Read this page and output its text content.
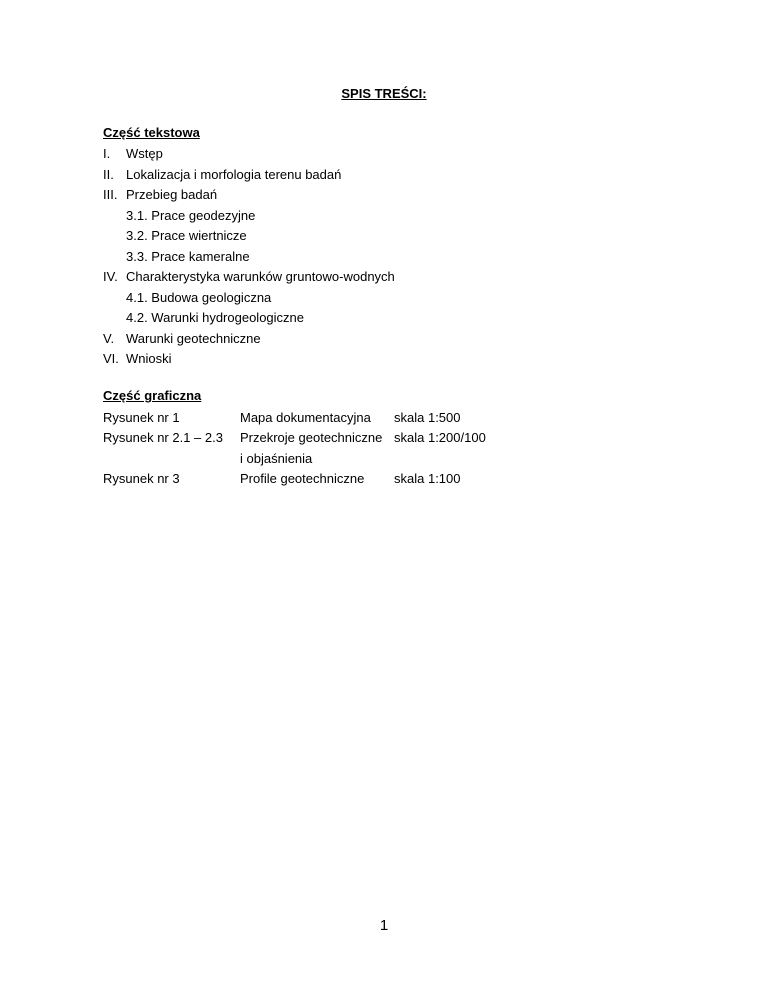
SPIS TREŚCI:
Część tekstowa
I. Wstęp
II. Lokalizacja i morfologia terenu badań
III. Przebieg badań
3.1. Prace geodezyjne
3.2. Prace wiertnicze
3.3. Prace kameralne
IV. Charakterystyka warunków gruntowo-wodnych
4.1. Budowa geologiczna
4.2. Warunki hydrogeologiczne
V. Warunki geotechniczne
VI. Wnioski
Część graficzna
Rysunek nr 1	Mapa dokumentacyjna skala 1:500
Rysunek nr 2.1 – 2.3 Przekroje geotechniczne skala 1:200/100
i objaśnienia
Rysunek nr 3	Profile geotechniczne skala 1:100
1
